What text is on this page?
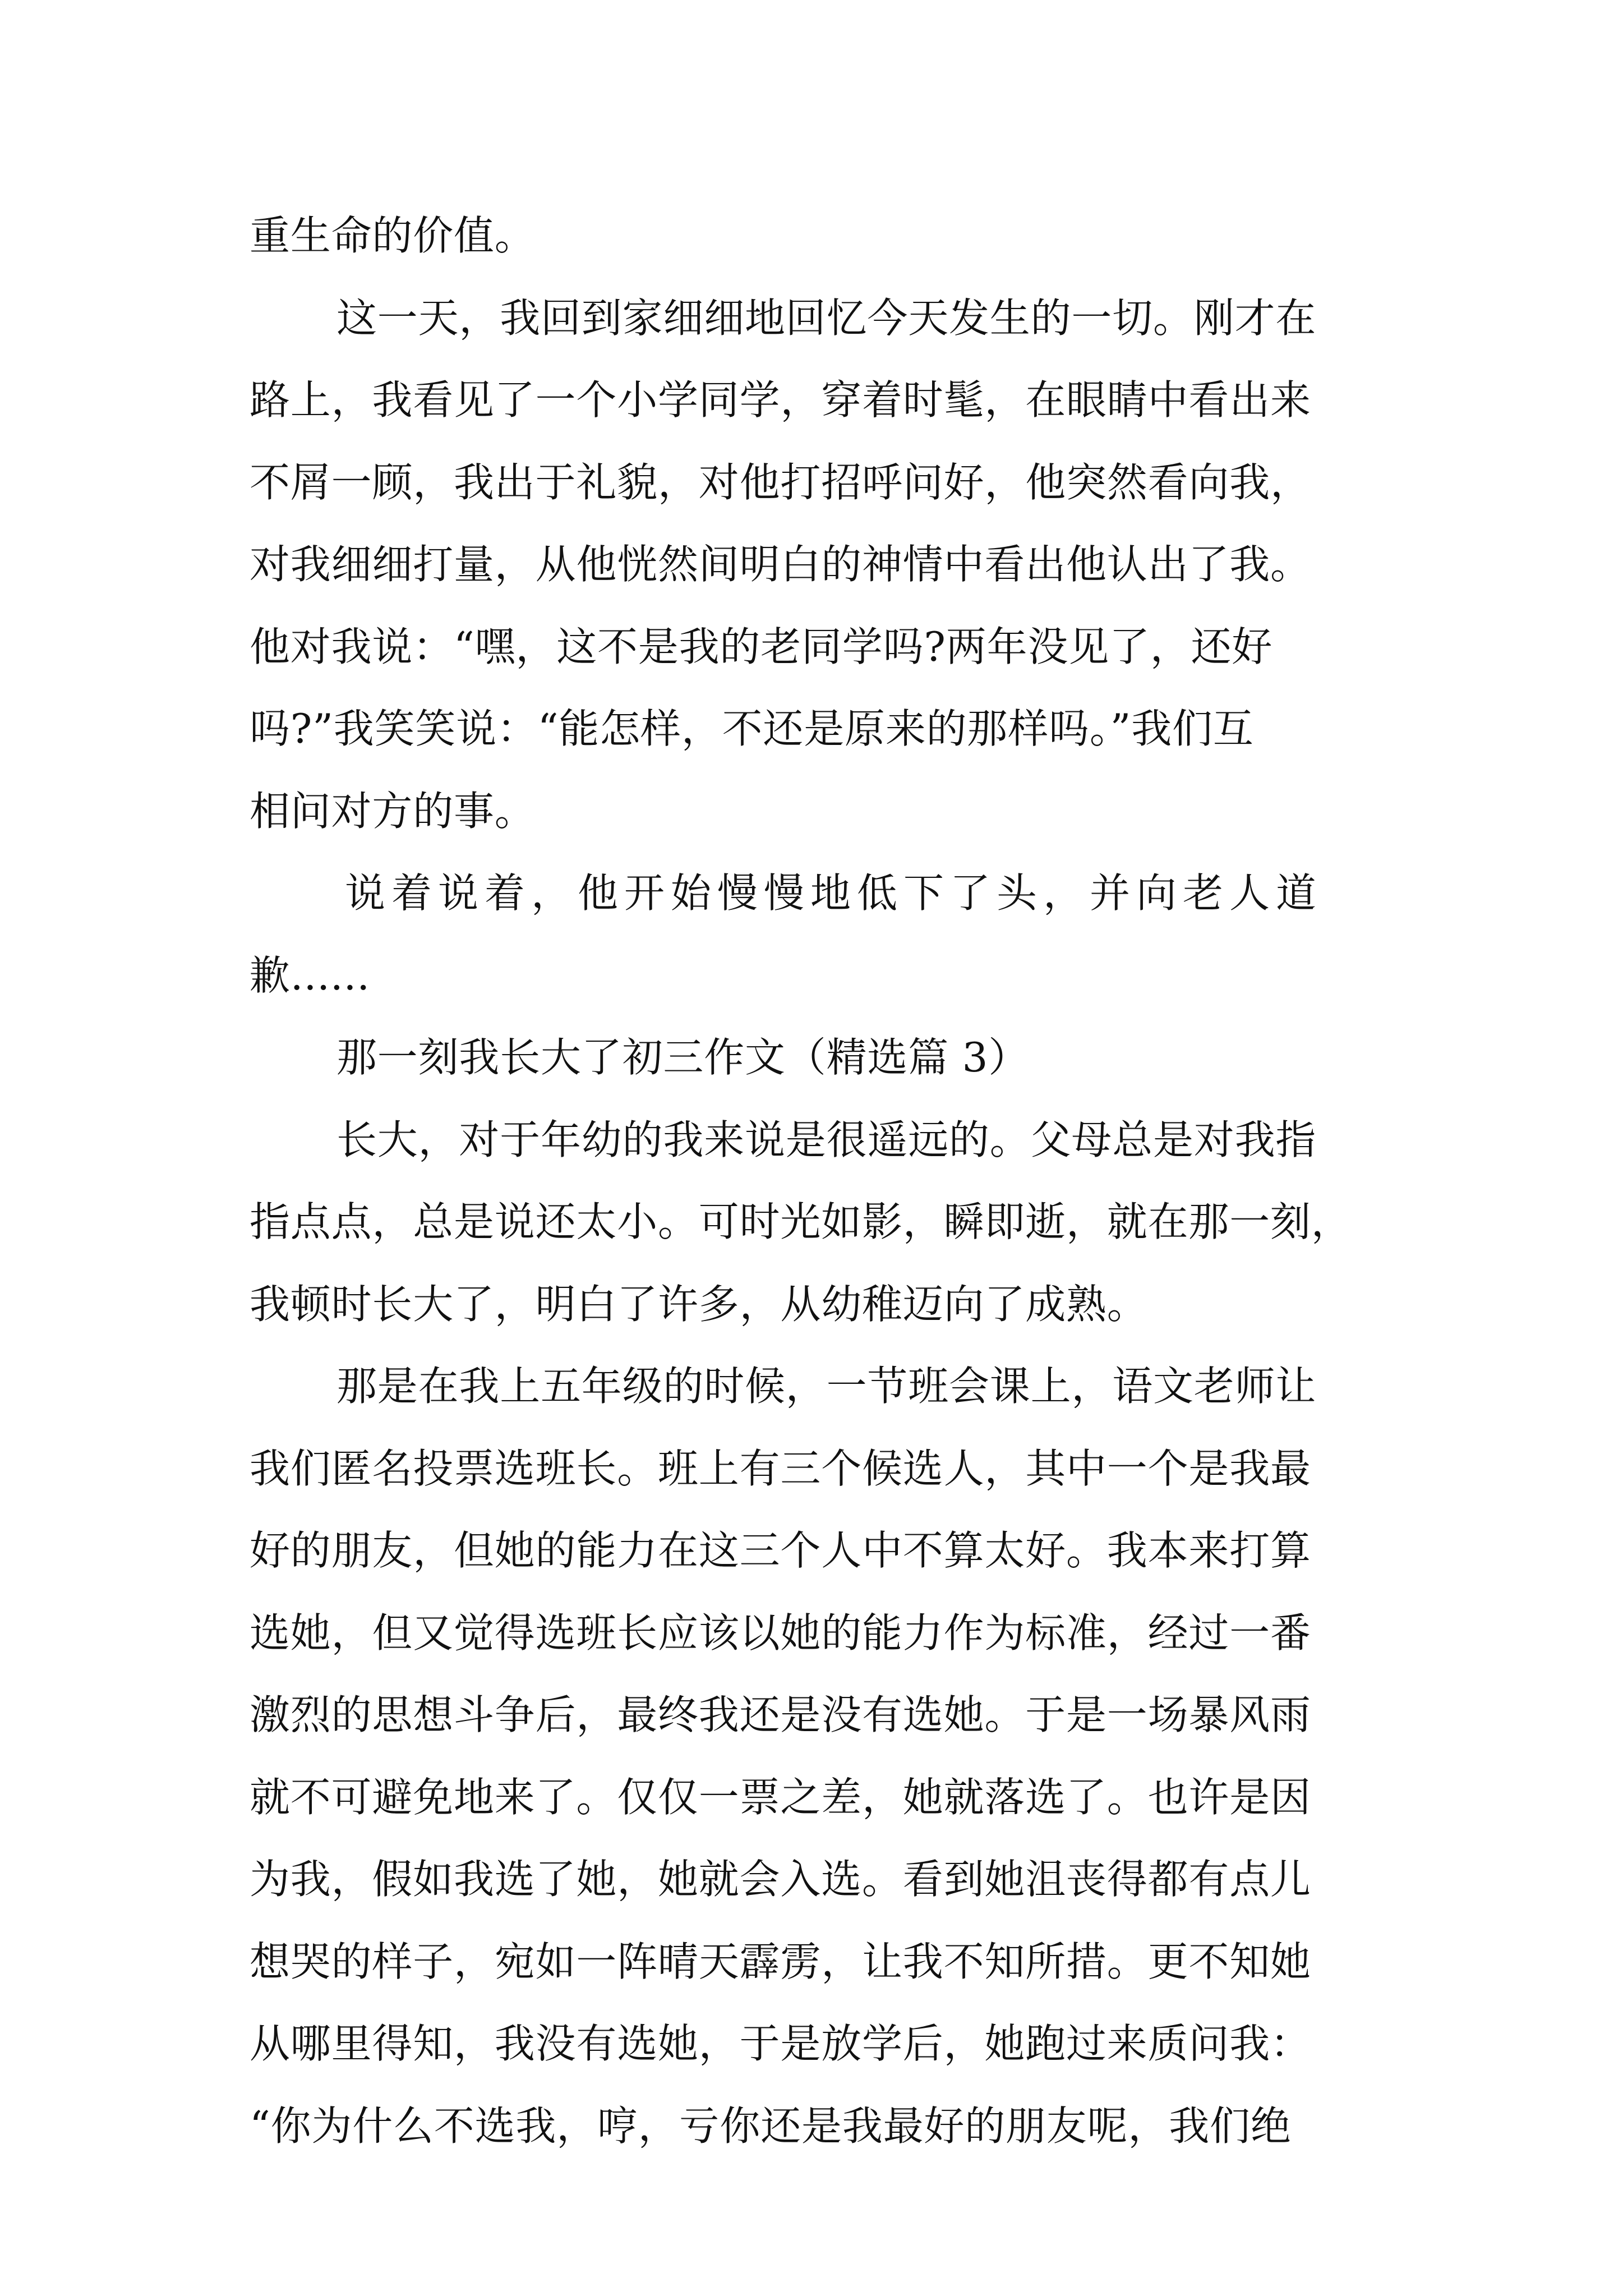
重生命的价值。
这一天，我回到家细细地回忆今天发生的一切。刚才在
路上，我看见了一个小学同学，穿着时髦，在眼睛中看出来
不屑一顾，我出于礼貌，对他打招呼问好，他突然看向我，
对我细细打量，从他恍然间明白的神情中看出他认出了我。
他对我说：“嘿，这不是我的老同学吗?两年没见了，还好
吗?”我笑笑说：“能怎样，不还是原来的那样吗。”我们互
相问对方的事。
说着说着，他开始慢慢地低下了头，并向老人道
歉......
那一刻我长大了初三作文（精选篇 3）
长大，对于年幼的我来说是很遥远的。父母总是对我指
指点点，总是说还太小。可时光如影，瞬即逝，就在那一刻，
我顿时长大了，明白了许多，从幼稚迈向了成熟。
那是在我上五年级的时候，一节班会课上，语文老师让
我们匿名投票选班长。班上有三个候选人，其中一个是我最
好的朋友，但她的能力在这三个人中不算太好。我本来打算
选她，但又觉得选班长应该以她的能力作为标准，经过一番
激烈的思想斗争后，最终我还是没有选她。于是一场暴风雨
就不可避免地来了。仅仅一票之差，她就落选了。也许是因
为我，假如我选了她，她就会入选。看到她沮丧得都有点儿
想哭的样子，宛如一阵晴天霹雳，让我不知所措。更不知她
从哪里得知，我没有选她，于是放学后，她跑过来质问我：
“你为什么不选我，哼，亏你还是我最好的朋友呢，我们绝
